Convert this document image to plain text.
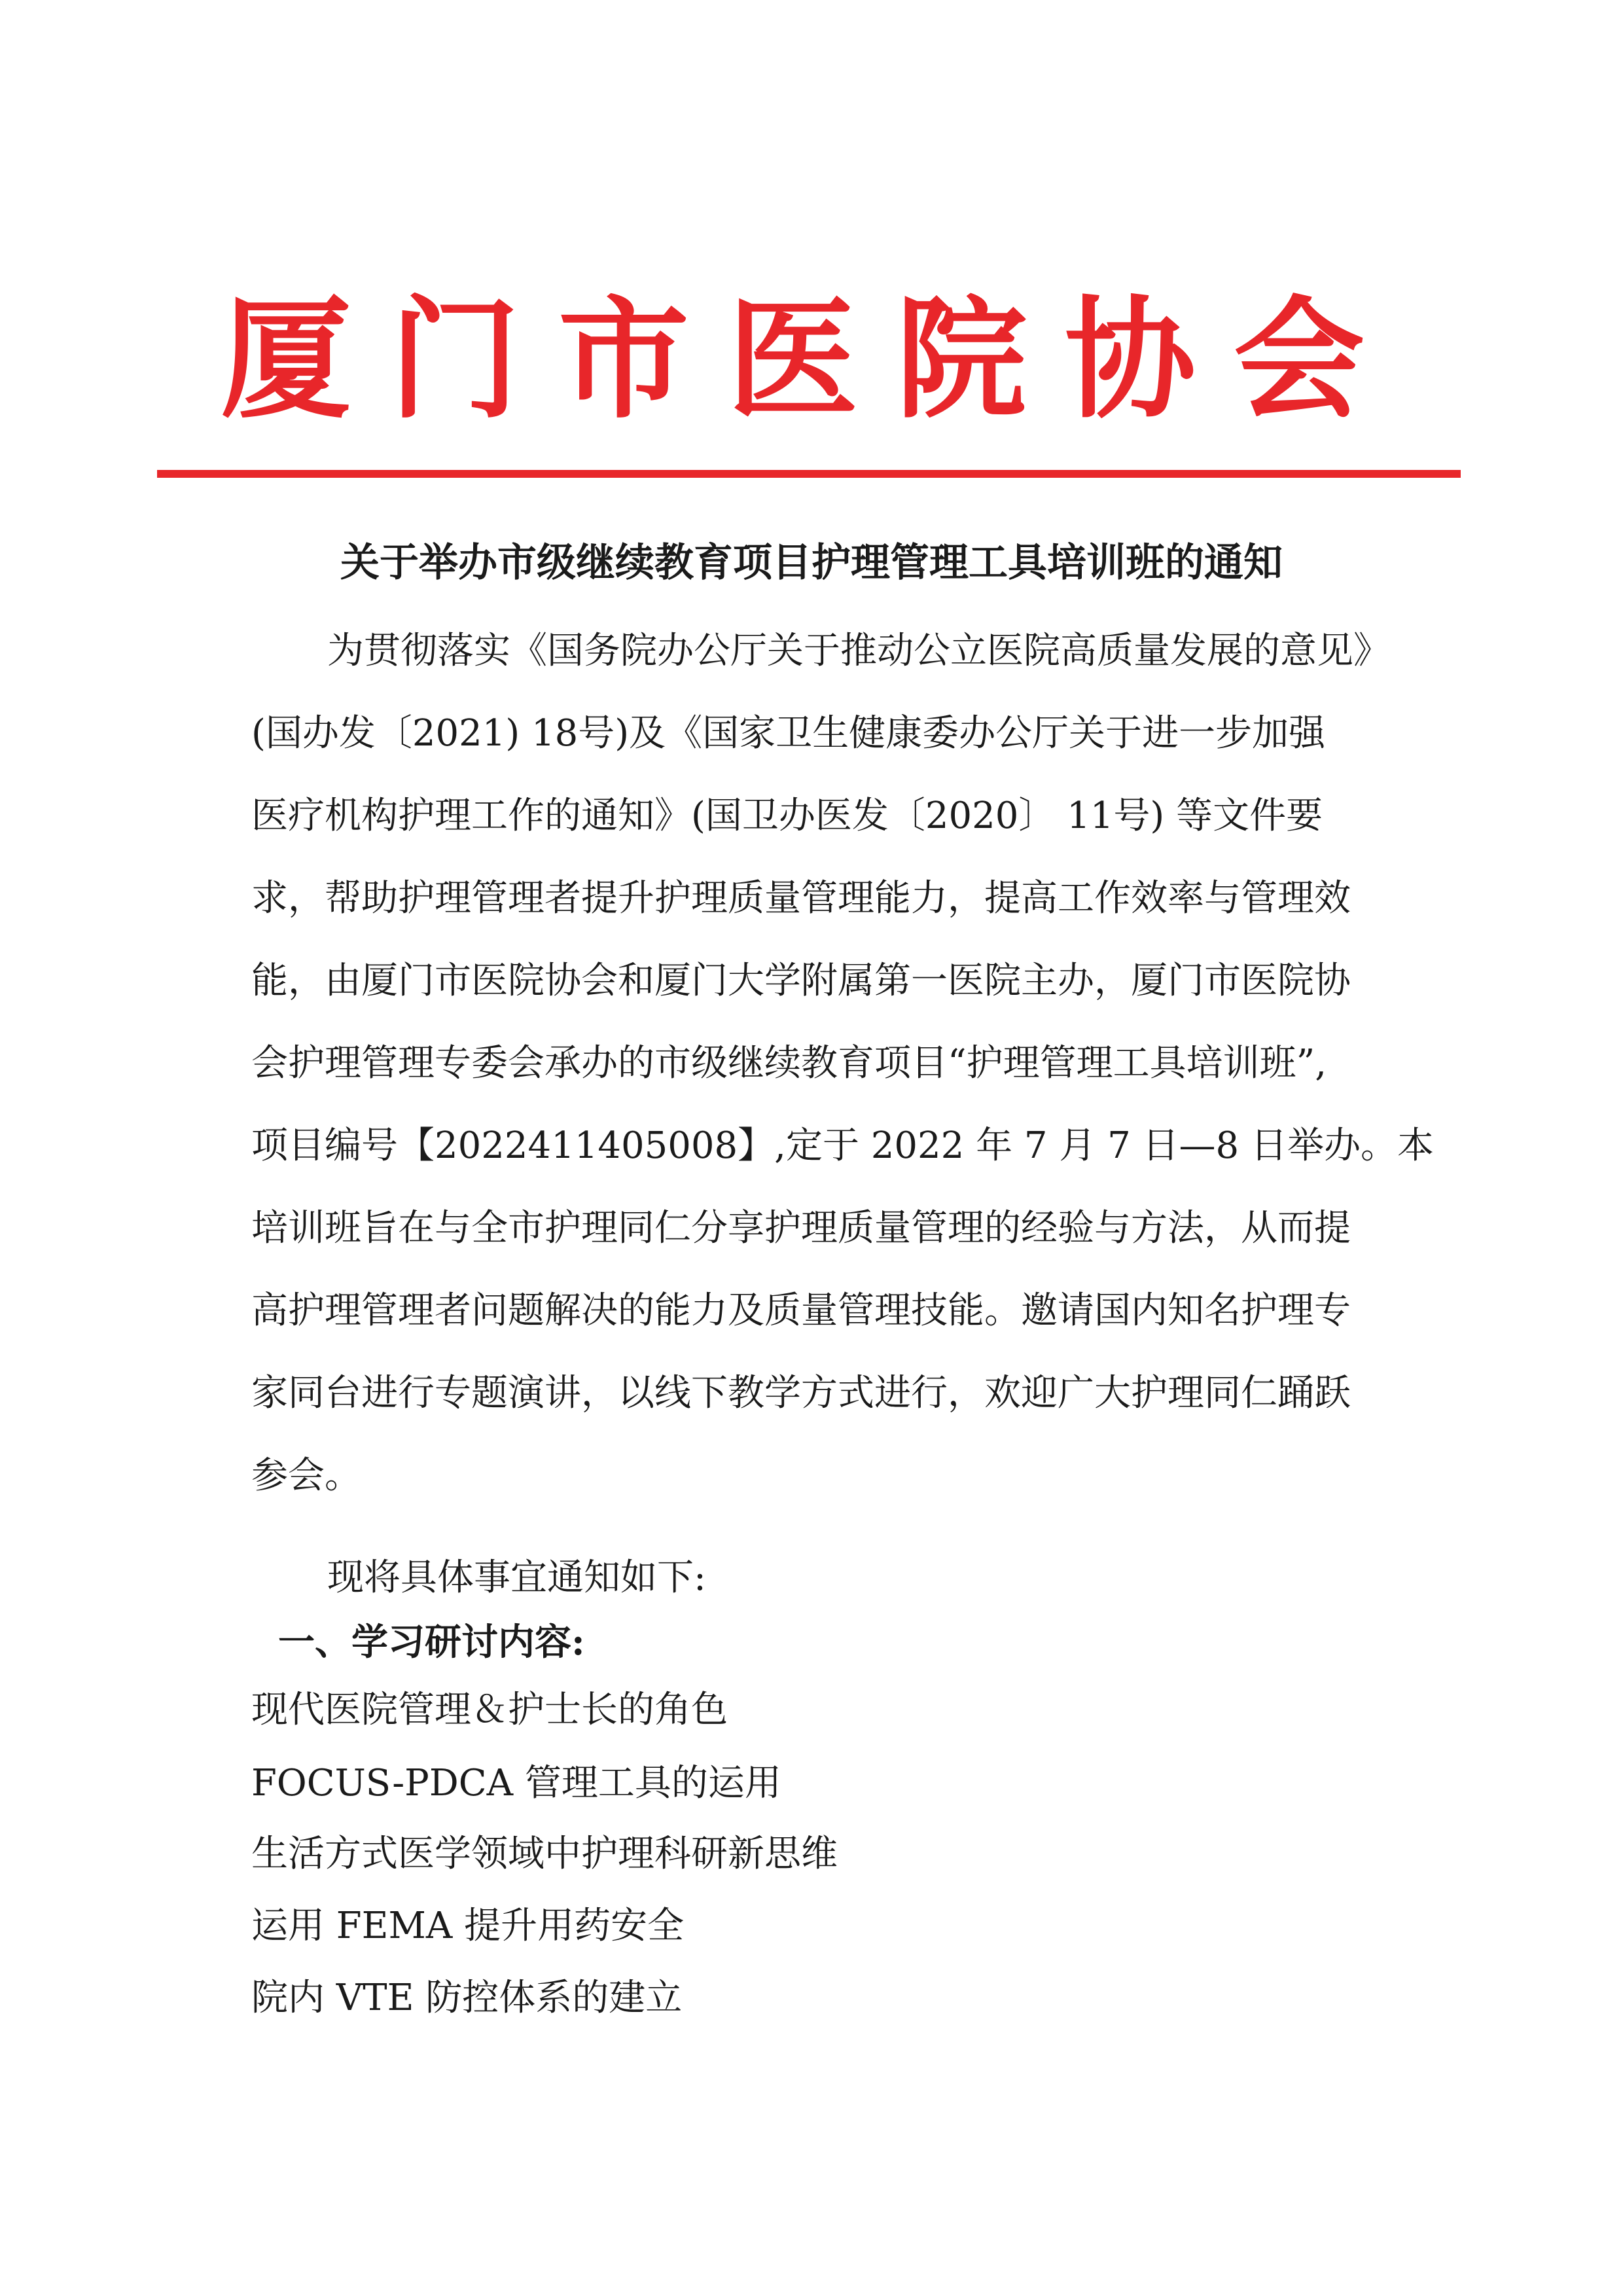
厦门市医院协会
关于举办市级继续教育项目护理管理工具培训班的通知
为贯彻落实《国务院办公厅关于推动公立医院高质量发展的意见》
(国办发〔2021) 18号)及《国家卫生健康委办公厅关于进一步加强
医疗机构护理工作的通知》(国卫办医发〔2020〕 11号) 等文件要
求，帮助护理管理者提升护理质量管理能力，提高工作效率与管理效
能，由厦门市医院协会和厦门大学附属第一医院主办，厦门市医院协
会护理管理专委会承办的市级继续教育项目“护理管理工具培训班”,
项目编号【2022411405008】,定于 2022 年 7 月 7 日—8 日举办。本
培训班旨在与全市护理同仁分享护理质量管理的经验与方法，从而提
高护理管理者问题解决的能力及质量管理技能。邀请国内知名护理专
家同台进行专题演讲，以线下教学方式进行，欢迎广大护理同仁踊跃
参会。
现将具体事宜通知如下:
一、学习研讨内容:
现代医院管理＆护士长的角色
FOCUS-PDCA 管理工具的运用
生活方式医学领域中护理科研新思维
运用 FEMA 提升用药安全
院内 VTE 防控体系的建立
